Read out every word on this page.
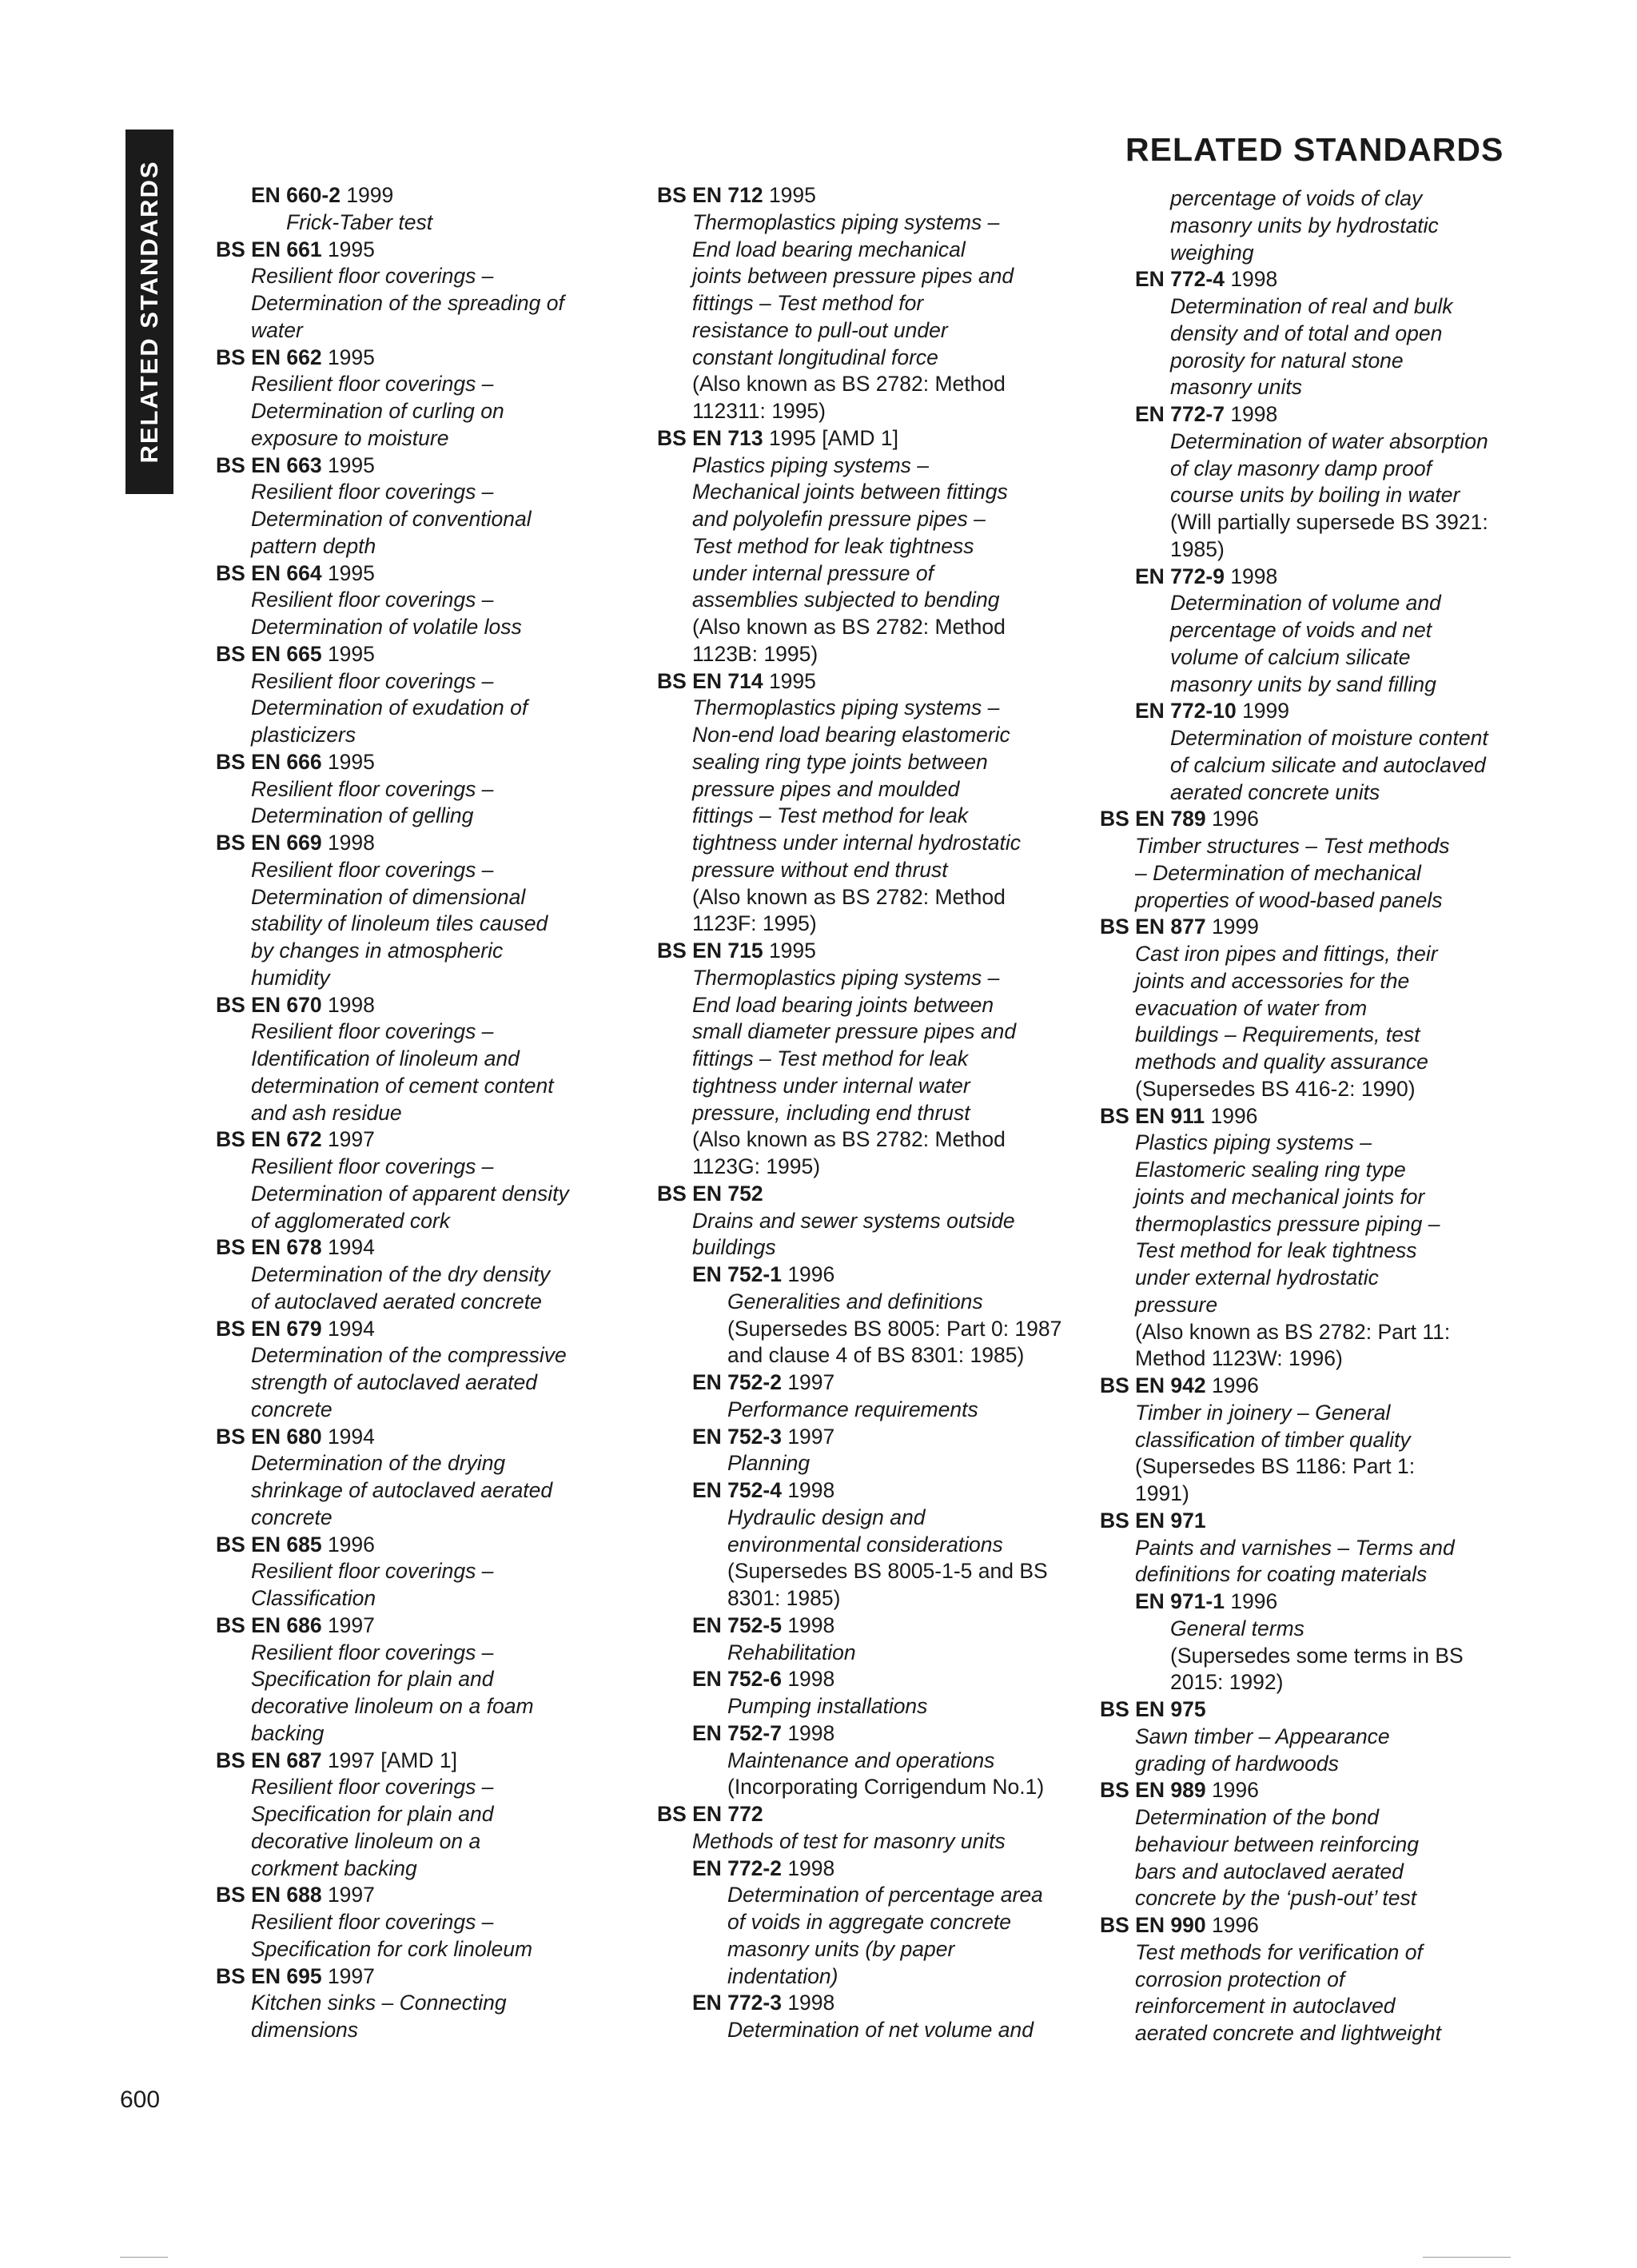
RELATED STANDARDS
RELATED STANDARDS
EN 660-2 1999
Frick-Taber test
BS EN 661 1995
Resilient floor coverings –
Determination of the spreading of
water
BS EN 662 1995
Resilient floor coverings –
Determination of curling on
exposure to moisture
BS EN 663 1995
Resilient floor coverings –
Determination of conventional
pattern depth
BS EN 664 1995
Resilient floor coverings –
Determination of volatile loss
BS EN 665 1995
Resilient floor coverings –
Determination of exudation of
plasticizers
BS EN 666 1995
Resilient floor coverings –
Determination of gelling
BS EN 669 1998
Resilient floor coverings –
Determination of dimensional
stability of linoleum tiles caused
by changes in atmospheric
humidity
BS EN 670 1998
Resilient floor coverings –
Identification of linoleum and
determination of cement content
and ash residue
BS EN 672 1997
Resilient floor coverings –
Determination of apparent density
of agglomerated cork
BS EN 678 1994
Determination of the dry density
of autoclaved aerated concrete
BS EN 679 1994
Determination of the compressive
strength of autoclaved aerated
concrete
BS EN 680 1994
Determination of the drying
shrinkage of autoclaved aerated
concrete
BS EN 685 1996
Resilient floor coverings –
Classification
BS EN 686 1997
Resilient floor coverings –
Specification for plain and
decorative linoleum on a foam
backing
BS EN 687 1997 [AMD 1]
Resilient floor coverings –
Specification for plain and
decorative linoleum on a
corkment backing
BS EN 688 1997
Resilient floor coverings –
Specification for cork linoleum
BS EN 695 1997
Kitchen sinks – Connecting
dimensions
BS EN 712 1995
Thermoplastics piping systems –
End load bearing mechanical
joints between pressure pipes and
fittings – Test method for
resistance to pull-out under
constant longitudinal force
(Also known as BS 2782: Method
112311: 1995)
BS EN 713 1995 [AMD 1]
Plastics piping systems –
Mechanical joints between fittings
and polyolefin pressure pipes –
Test method for leak tightness
under internal pressure of
assemblies subjected to bending
(Also known as BS 2782: Method
1123B: 1995)
BS EN 714 1995
Thermoplastics piping systems –
Non-end load bearing elastomeric
sealing ring type joints between
pressure pipes and moulded
fittings – Test method for leak
tightness under internal hydrostatic
pressure without end thrust
(Also known as BS 2782: Method
1123F: 1995)
BS EN 715 1995
Thermoplastics piping systems –
End load bearing joints between
small diameter pressure pipes and
fittings – Test method for leak
tightness under internal water
pressure, including end thrust
(Also known as BS 2782: Method
1123G: 1995)
BS EN 752
Drains and sewer systems outside
buildings
EN 752-1 1996
Generalities and definitions
(Supersedes BS 8005: Part 0: 1987
and clause 4 of BS 8301: 1985)
EN 752-2 1997
Performance requirements
EN 752-3 1997
Planning
EN 752-4 1998
Hydraulic design and
environmental considerations
(Supersedes BS 8005-1-5 and BS
8301: 1985)
EN 752-5 1998
Rehabilitation
EN 752-6 1998
Pumping installations
EN 752-7 1998
Maintenance and operations
(Incorporating Corrigendum No.1)
BS EN 772
Methods of test for masonry units
EN 772-2 1998
Determination of percentage area
of voids in aggregate concrete
masonry units (by paper
indentation)
EN 772-3 1998
Determination of net volume and
percentage of voids of clay
masonry units by hydrostatic
weighing
EN 772-4 1998
Determination of real and bulk
density and of total and open
porosity for natural stone
masonry units
EN 772-7 1998
Determination of water absorption
of clay masonry damp proof
course units by boiling in water
(Will partially supersede BS 3921:
1985)
EN 772-9 1998
Determination of volume and
percentage of voids and net
volume of calcium silicate
masonry units by sand filling
EN 772-10 1999
Determination of moisture content
of calcium silicate and autoclaved
aerated concrete units
BS EN 789 1996
Timber structures – Test methods
– Determination of mechanical
properties of wood-based panels
BS EN 877 1999
Cast iron pipes and fittings, their
joints and accessories for the
evacuation of water from
buildings – Requirements, test
methods and quality assurance
(Supersedes BS 416-2: 1990)
BS EN 911 1996
Plastics piping systems –
Elastomeric sealing ring type
joints and mechanical joints for
thermoplastics pressure piping –
Test method for leak tightness
under external hydrostatic
pressure
(Also known as BS 2782: Part 11:
Method 1123W: 1996)
BS EN 942 1996
Timber in joinery – General
classification of timber quality
(Supersedes BS 1186: Part 1:
1991)
BS EN 971
Paints and varnishes – Terms and
definitions for coating materials
EN 971-1 1996
General terms
(Supersedes some terms in BS
2015: 1992)
BS EN 975
Sawn timber – Appearance
grading of hardwoods
BS EN 989 1996
Determination of the bond
behaviour between reinforcing
bars and autoclaved aerated
concrete by the ‘push-out’ test
BS EN 990 1996
Test methods for verification of
corrosion protection of
reinforcement in autoclaved
aerated concrete and lightweight
600
